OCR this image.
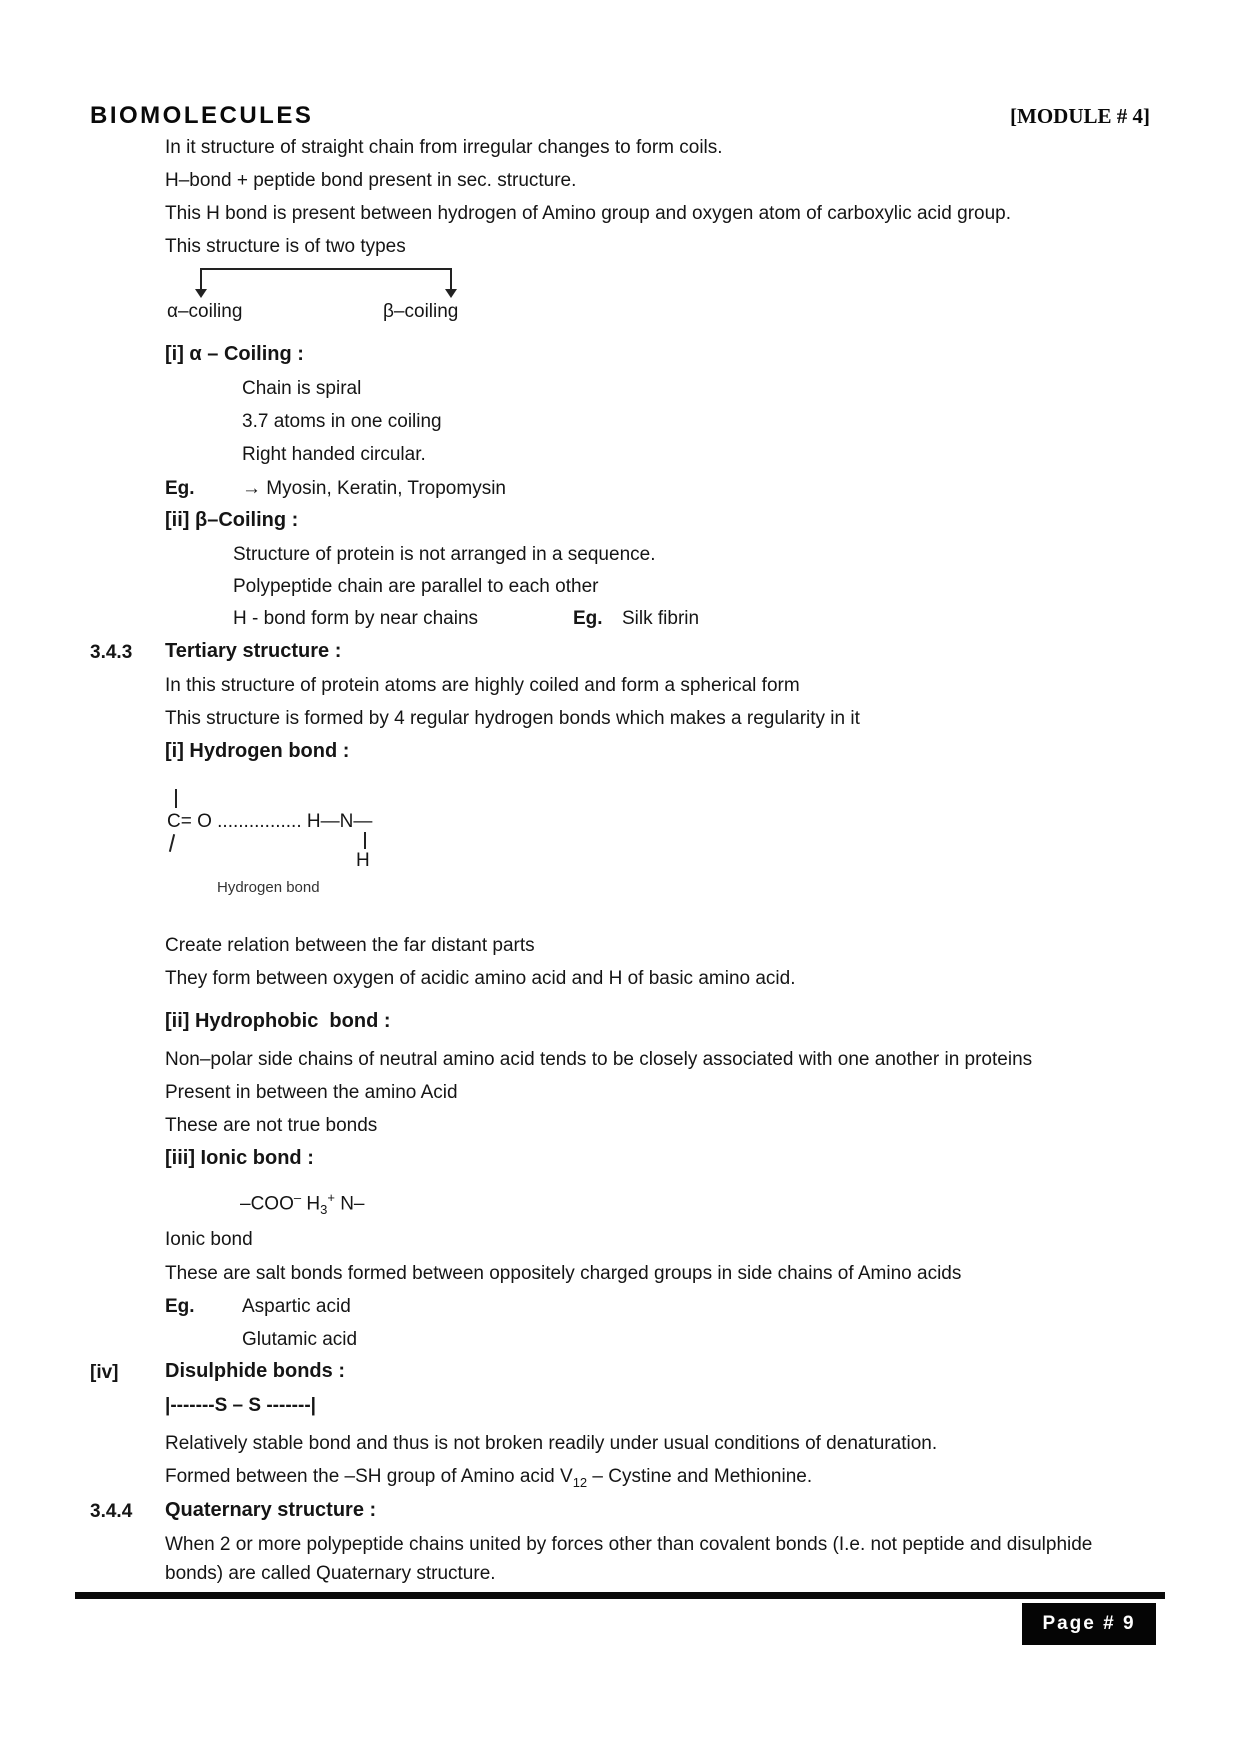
BIOMOLECULES	[MODULE # 4]
In it structure of straight chain from irregular changes to form coils.
H–bond + peptide bond present in sec. structure.
This H bond is present between hydrogen of Amino group and oxygen atom of carboxylic acid group.
This structure is of two types
α–coiling	β–coiling
[i] α – Coiling :
Chain is spiral
3.7 atoms in one coiling
Right handed circular.
Eg. → Myosin, Keratin, Tropomysin
[ii] β–Coiling :
Structure of protein is not arranged in a sequence.
Polypeptide chain are parallel to each other
H - bond form by near chains	Eg. Silk fibrin
3.4.3 Tertiary structure :
In this structure of protein atoms are highly coiled and form a spherical form
This structure is formed by 4 regular hydrogen bonds which makes a regularity in it
[i] Hydrogen bond :
C= O ................ H—N—
H
Hydrogen bond
Create relation between the far distant parts
They form between oxygen of acidic amino acid and H of basic amino acid.
[ii] Hydrophobic  bond :
Non–polar side chains of neutral amino acid tends to be closely associated with one another in proteins
Present in between the amino Acid
These are not true bonds
[iii] Ionic bond :
–COO– $H_3^+$ N–
Ionic bond
These are salt bonds formed between oppositely charged groups in side chains of Amino acids
Eg. Aspartic acid
Glutamic acid
[iv] Disulphide bonds :
|-------S – S -------|
Relatively stable bond and thus is not broken readily under usual conditions of denaturation.
Formed between the –SH group of Amino acid $V_{12}$ – Cystine and Methionine.
3.4.4 Quaternary structure :
When 2 or more polypeptide chains united by forces other than covalent bonds (I.e. not peptide and disulphide
bonds) are called Quaternary structure.
Page # 9
